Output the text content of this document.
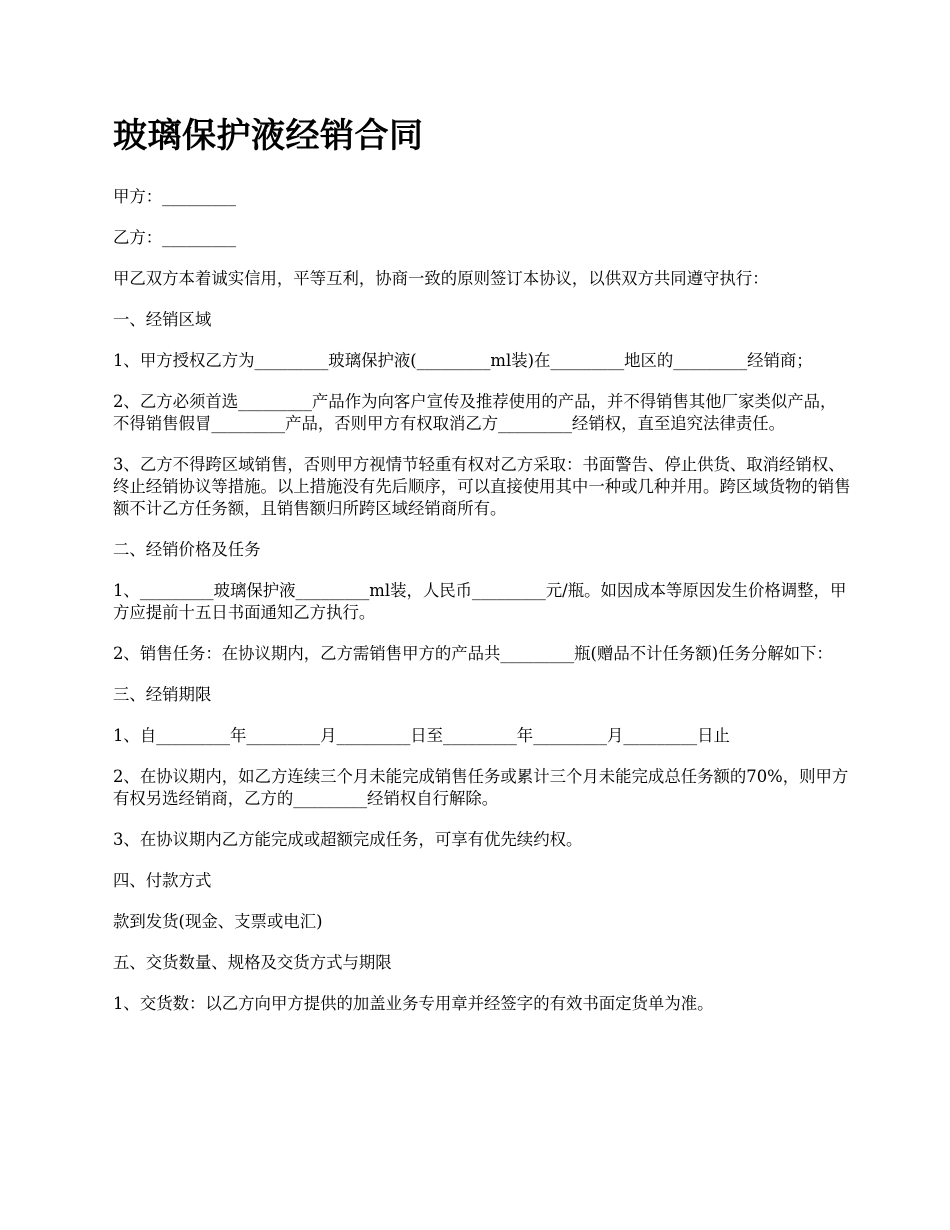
玻璃保护液经销合同

甲方：_________

乙方：_________

甲乙双方本着诚实信用，平等互利，协商一致的原则签订本协议，以供双方共同遵守执行：

一、经销区域

1、甲方授权乙方为_________玻璃保护液(_________ml装)在_________地区的_________经销商；

2、乙方必须首选_________产品作为向客户宣传及推荐使用的产品，并不得销售其他厂家类似产品，不得销售假冒_________产品，否则甲方有权取消乙方_________经销权，直至追究法律责任。

3、乙方不得跨区域销售，否则甲方视情节轻重有权对乙方采取：书面警告、停止供货、取消经销权、终止经销协议等措施。以上措施没有先后顺序，可以直接使用其中一种或几种并用。跨区域货物的销售额不计乙方任务额，且销售额归所跨区域经销商所有。

二、经销价格及任务

1、_________玻璃保护液_________ml装，人民币_________元/瓶。如因成本等原因发生价格调整，甲方应提前十五日书面通知乙方执行。

2、销售任务：在协议期内，乙方需销售甲方的产品共_________瓶(赠品不计任务额)任务分解如下：

三、经销期限

1、自_________年_________月_________日至_________年_________月_________日止

2、在协议期内，如乙方连续三个月未能完成销售任务或累计三个月未能完成总任务额的70%，则甲方有权另选经销商，乙方的_________经销权自行解除。

3、在协议期内乙方能完成或超额完成任务，可享有优先续约权。

四、付款方式

款到发货(现金、支票或电汇)

五、交货数量、规格及交货方式与期限

1、交货数：以乙方向甲方提供的加盖业务专用章并经签字的有效书面定货单为准。
